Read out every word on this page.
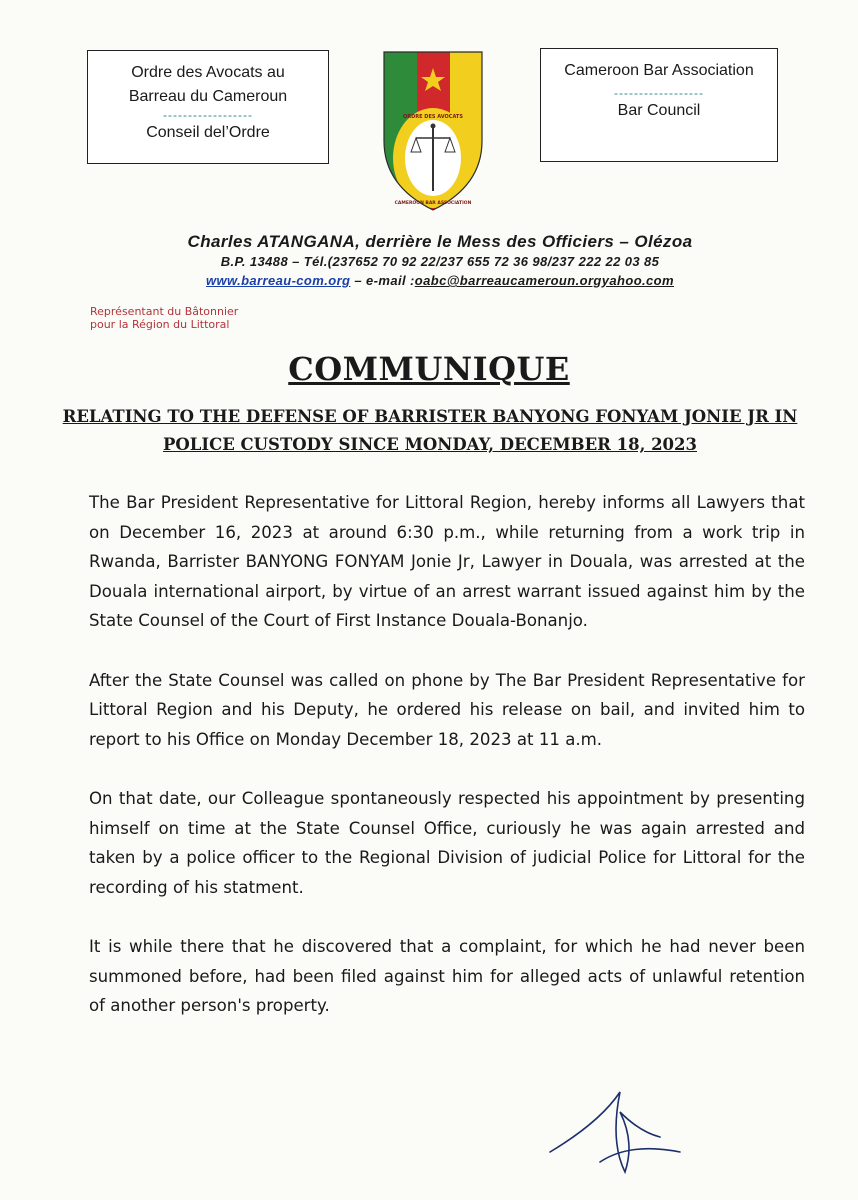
Ordre des Avocats au
Barreau du Cameroun
------------------
Conseil del’Ordre
ORDRE DES AVOCATS
CAMEROON BAR ASSOCIATION
Cameroon Bar Association
------------------
Bar Council
Charles ATANGANA, derrière le Mess des Officiers – Olézoa
B.P. 13488 – Tél.(237652 70 92 22/237 655 72 36 98/237 222 22 03 85
www.barreau-com.org – e-mail :oabc@barreaucameroun.orgyahoo.com
Représentant du Bâtonnier
pour la Région du Littoral
COMMUNIQUE
RELATING TO THE DEFENSE OF BARRISTER BANYONG FONYAM JONIE JR IN
POLICE CUSTODY SINCE MONDAY, DECEMBER 18, 2023

The Bar President Representative for Littoral Region, hereby informs all Lawyers that on December 16, 2023 at around 6:30 p.m., while returning from a work trip in Rwanda, Barrister BANYONG FONYAM Jonie Jr, Lawyer in Douala, was arrested at the Douala international airport, by virtue of an arrest warrant issued against him by the State Counsel of the Court of First Instance Douala-Bonanjo.

After the State Counsel was called on phone by The Bar President Representative for Littoral Region and his Deputy, he ordered his release on bail, and invited him to report to his Office on Monday December 18, 2023 at 11 a.m.

On that date, our Colleague spontaneously respected his appointment by presenting himself on time at the State Counsel Office, curiously he was again arrested and taken by a police officer to the Regional Division of judicial Police for Littoral for the recording of his statment.

It is while there that he discovered that a complaint, for which he had never been summoned before, had been filed against him for alleged acts of unlawful retention of another person's property.
